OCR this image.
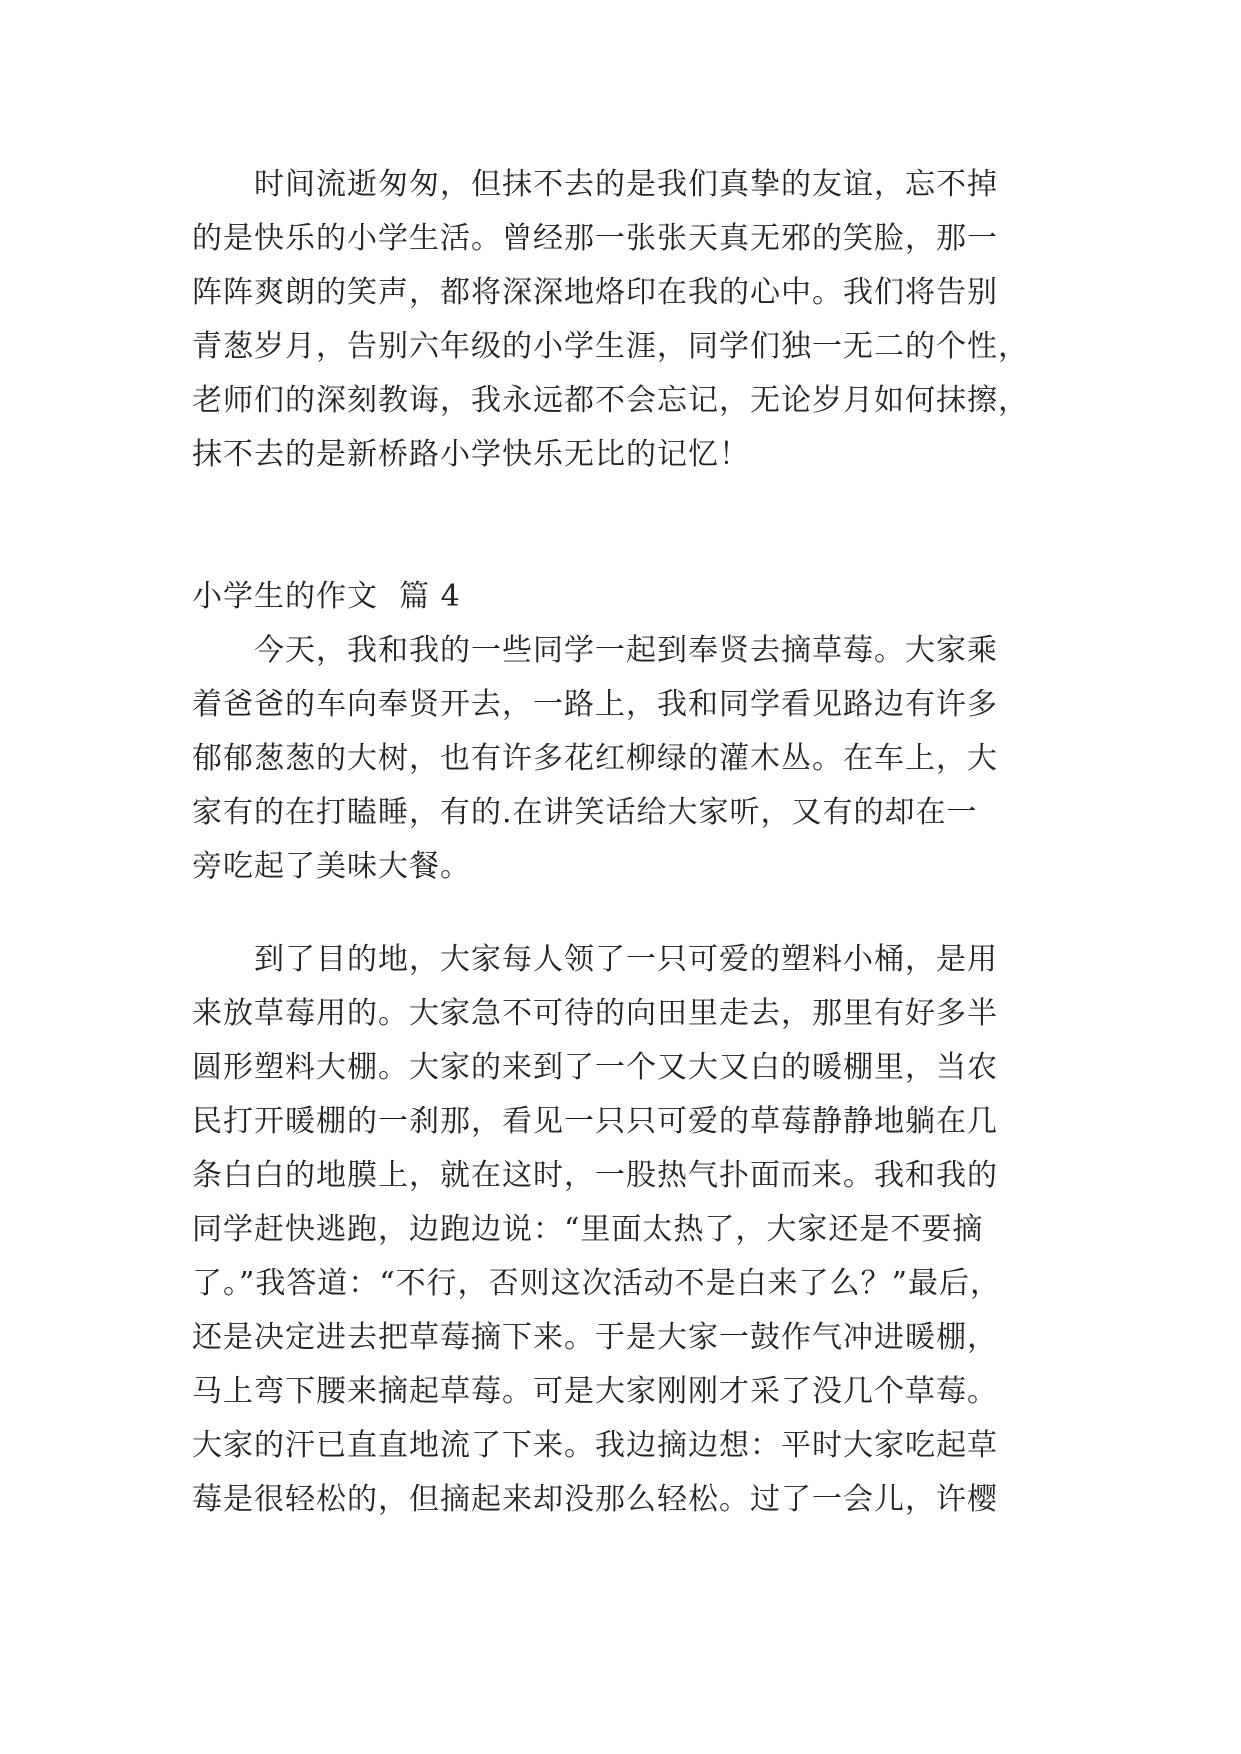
时间流逝匆匆，但抹不去的是我们真挚的友谊，忘不掉
的是快乐的小学生活。曾经那一张张天真无邪的笑脸，那一
阵阵爽朗的笑声，都将深深地烙印在我的心中。我们将告别
青葱岁月，告别六年级的小学生涯，同学们独一无二的个性，
老师们的深刻教诲，我永远都不会忘记，无论岁月如何抹擦，
抹不去的是新桥路小学快乐无比的记忆！
小学生的作文  篇 4
今天，我和我的一些同学一起到奉贤去摘草莓。大家乘
着爸爸的车向奉贤开去，一路上，我和同学看见路边有许多
郁郁葱葱的大树，也有许多花红柳绿的灌木丛。在车上，大
家有的在打瞌睡，有的.在讲笑话给大家听，又有的却在一
旁吃起了美味大餐。
到了目的地，大家每人领了一只可爱的塑料小桶，是用
来放草莓用的。大家急不可待的向田里走去，那里有好多半
圆形塑料大棚。大家的来到了一个又大又白的暖棚里，当农
民打开暖棚的一刹那，看见一只只可爱的草莓静静地躺在几
条白白的地膜上，就在这时，一股热气扑面而来。我和我的
同学赶快逃跑，边跑边说：“里面太热了，大家还是不要摘
了。”我答道：“不行，否则这次活动不是白来了么？”最后，
还是决定进去把草莓摘下来。于是大家一鼓作气冲进暖棚，
马上弯下腰来摘起草莓。可是大家刚刚才采了没几个草莓。
大家的汗已直直地流了下来。我边摘边想：平时大家吃起草
莓是很轻松的，但摘起来却没那么轻松。过了一会儿，许樱
